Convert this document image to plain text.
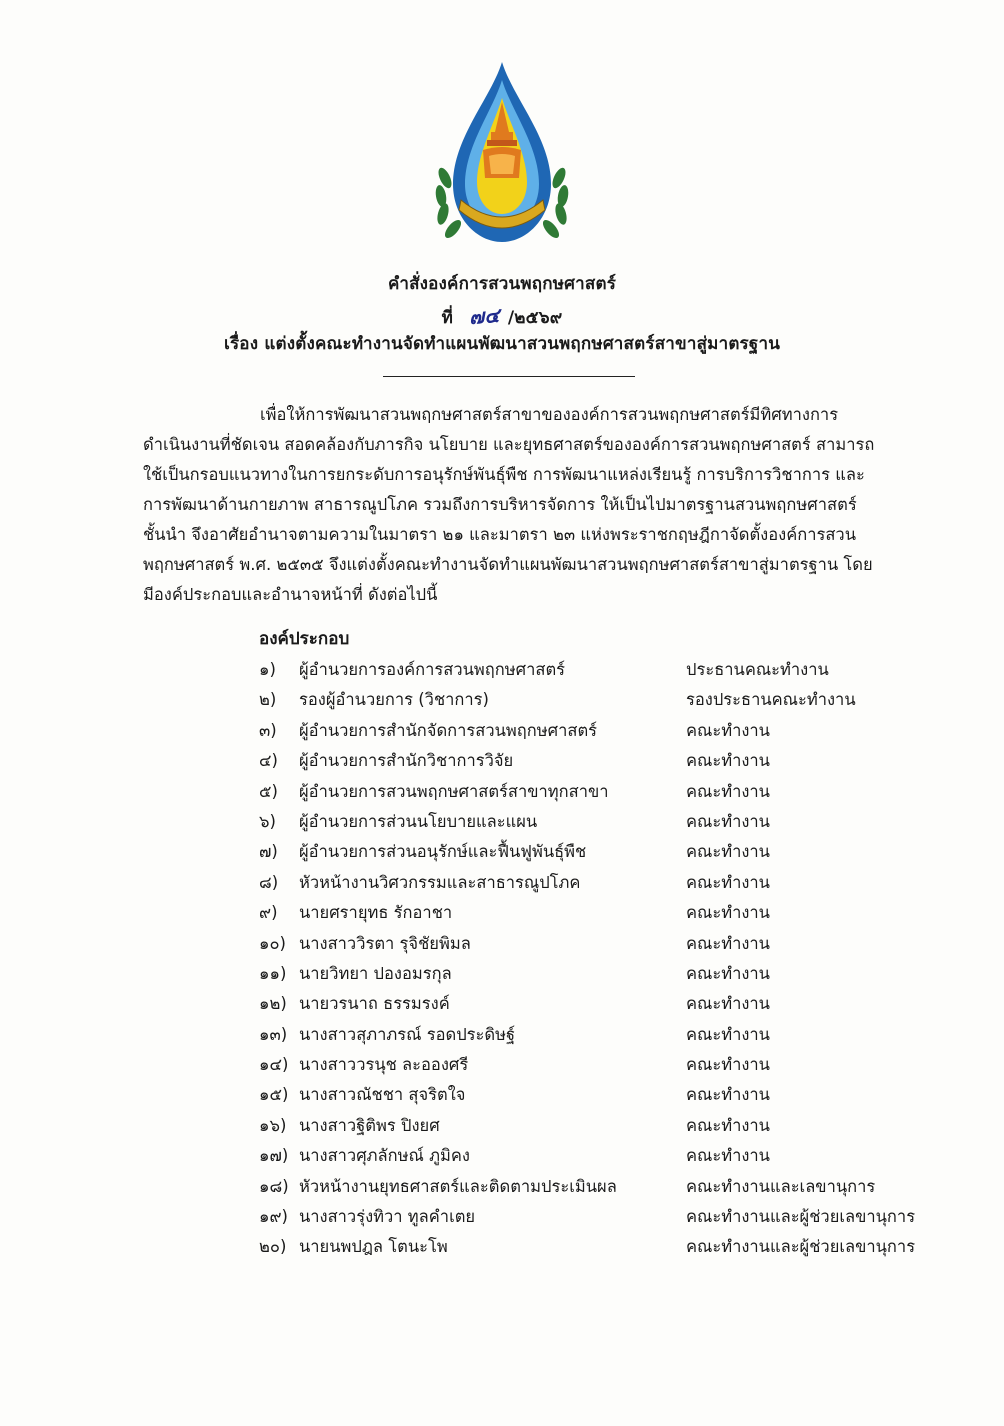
คำสั่งองค์การสวนพฤกษศาสตร์
ที่ ๗๔ /๒๕๖๙
เรื่อง แต่งตั้งคณะทำงานจัดทำแผนพัฒนาสวนพฤกษศาสตร์สาขาสู่มาตรฐาน
เพื่อให้การพัฒนาสวนพฤกษศาสตร์สาขาขององค์การสวนพฤกษศาสตร์มีทิศทางการ
ดำเนินงานที่ชัดเจน สอดคล้องกับภารกิจ นโยบาย และยุทธศาสตร์ขององค์การสวนพฤกษศาสตร์ สามารถ
ใช้เป็นกรอบแนวทางในการยกระดับการอนุรักษ์พันธุ์พืช การพัฒนาแหล่งเรียนรู้ การบริการวิชาการ และ
การพัฒนาด้านกายภาพ สาธารณูปโภค รวมถึงการบริหารจัดการ ให้เป็นไปมาตรฐานสวนพฤกษศาสตร์
ชั้นนำ จึงอาศัยอำนาจตามความในมาตรา ๒๑ และมาตรา ๒๓ แห่งพระราชกฤษฎีกาจัดตั้งองค์การสวน
พฤกษศาสตร์ พ.ศ. ๒๕๓๕ จึงแต่งตั้งคณะทำงานจัดทำแผนพัฒนาสวนพฤกษศาสตร์สาขาสู่มาตรฐาน โดย
มีองค์ประกอบและอำนาจหน้าที่ ดังต่อไปนี้
องค์ประกอบ
๑) ผู้อำนวยการองค์การสวนพฤกษศาสตร์	ประธานคณะทำงาน
๒) รองผู้อำนวยการ (วิชาการ)	รองประธานคณะทำงาน
๓) ผู้อำนวยการสำนักจัดการสวนพฤกษศาสตร์	คณะทำงาน
๔) ผู้อำนวยการสำนักวิชาการวิจัย	คณะทำงาน
๕) ผู้อำนวยการสวนพฤกษศาสตร์สาขาทุกสาขา	คณะทำงาน
๖) ผู้อำนวยการส่วนนโยบายและแผน	คณะทำงาน
๗) ผู้อำนวยการส่วนอนุรักษ์และฟื้นฟูพันธุ์พืช	คณะทำงาน
๘) หัวหน้างานวิศวกรรมและสาธารณูปโภค	คณะทำงาน
๙) นายศรายุทธ รักอาชา	คณะทำงาน
๑๐) นางสาววิรตา รุจิชัยพิมล	คณะทำงาน
๑๑) นายวิทยา ปองอมรกุล	คณะทำงาน
๑๒) นายวรนาถ ธรรมรงค์	คณะทำงาน
๑๓) นางสาวสุภาภรณ์ รอดประดิษฐ์	คณะทำงาน
๑๔) นางสาววรนุช ละอองศรี	คณะทำงาน
๑๕) นางสาวณัชชา สุจริตใจ	คณะทำงาน
๑๖) นางสาวฐิติพร ปิงยศ	คณะทำงาน
๑๗) นางสาวศุภลักษณ์ ภูมิคง	คณะทำงาน
๑๘) หัวหน้างานยุทธศาสตร์และติดตามประเมินผล	คณะทำงานและเลขานุการ
๑๙) นางสาวรุ่งทิวา ทูลคำเตย	คณะทำงานและผู้ช่วยเลขานุการ
๒๐) นายนพปฎล โตนะโพ	คณะทำงานและผู้ช่วยเลขานุการ
